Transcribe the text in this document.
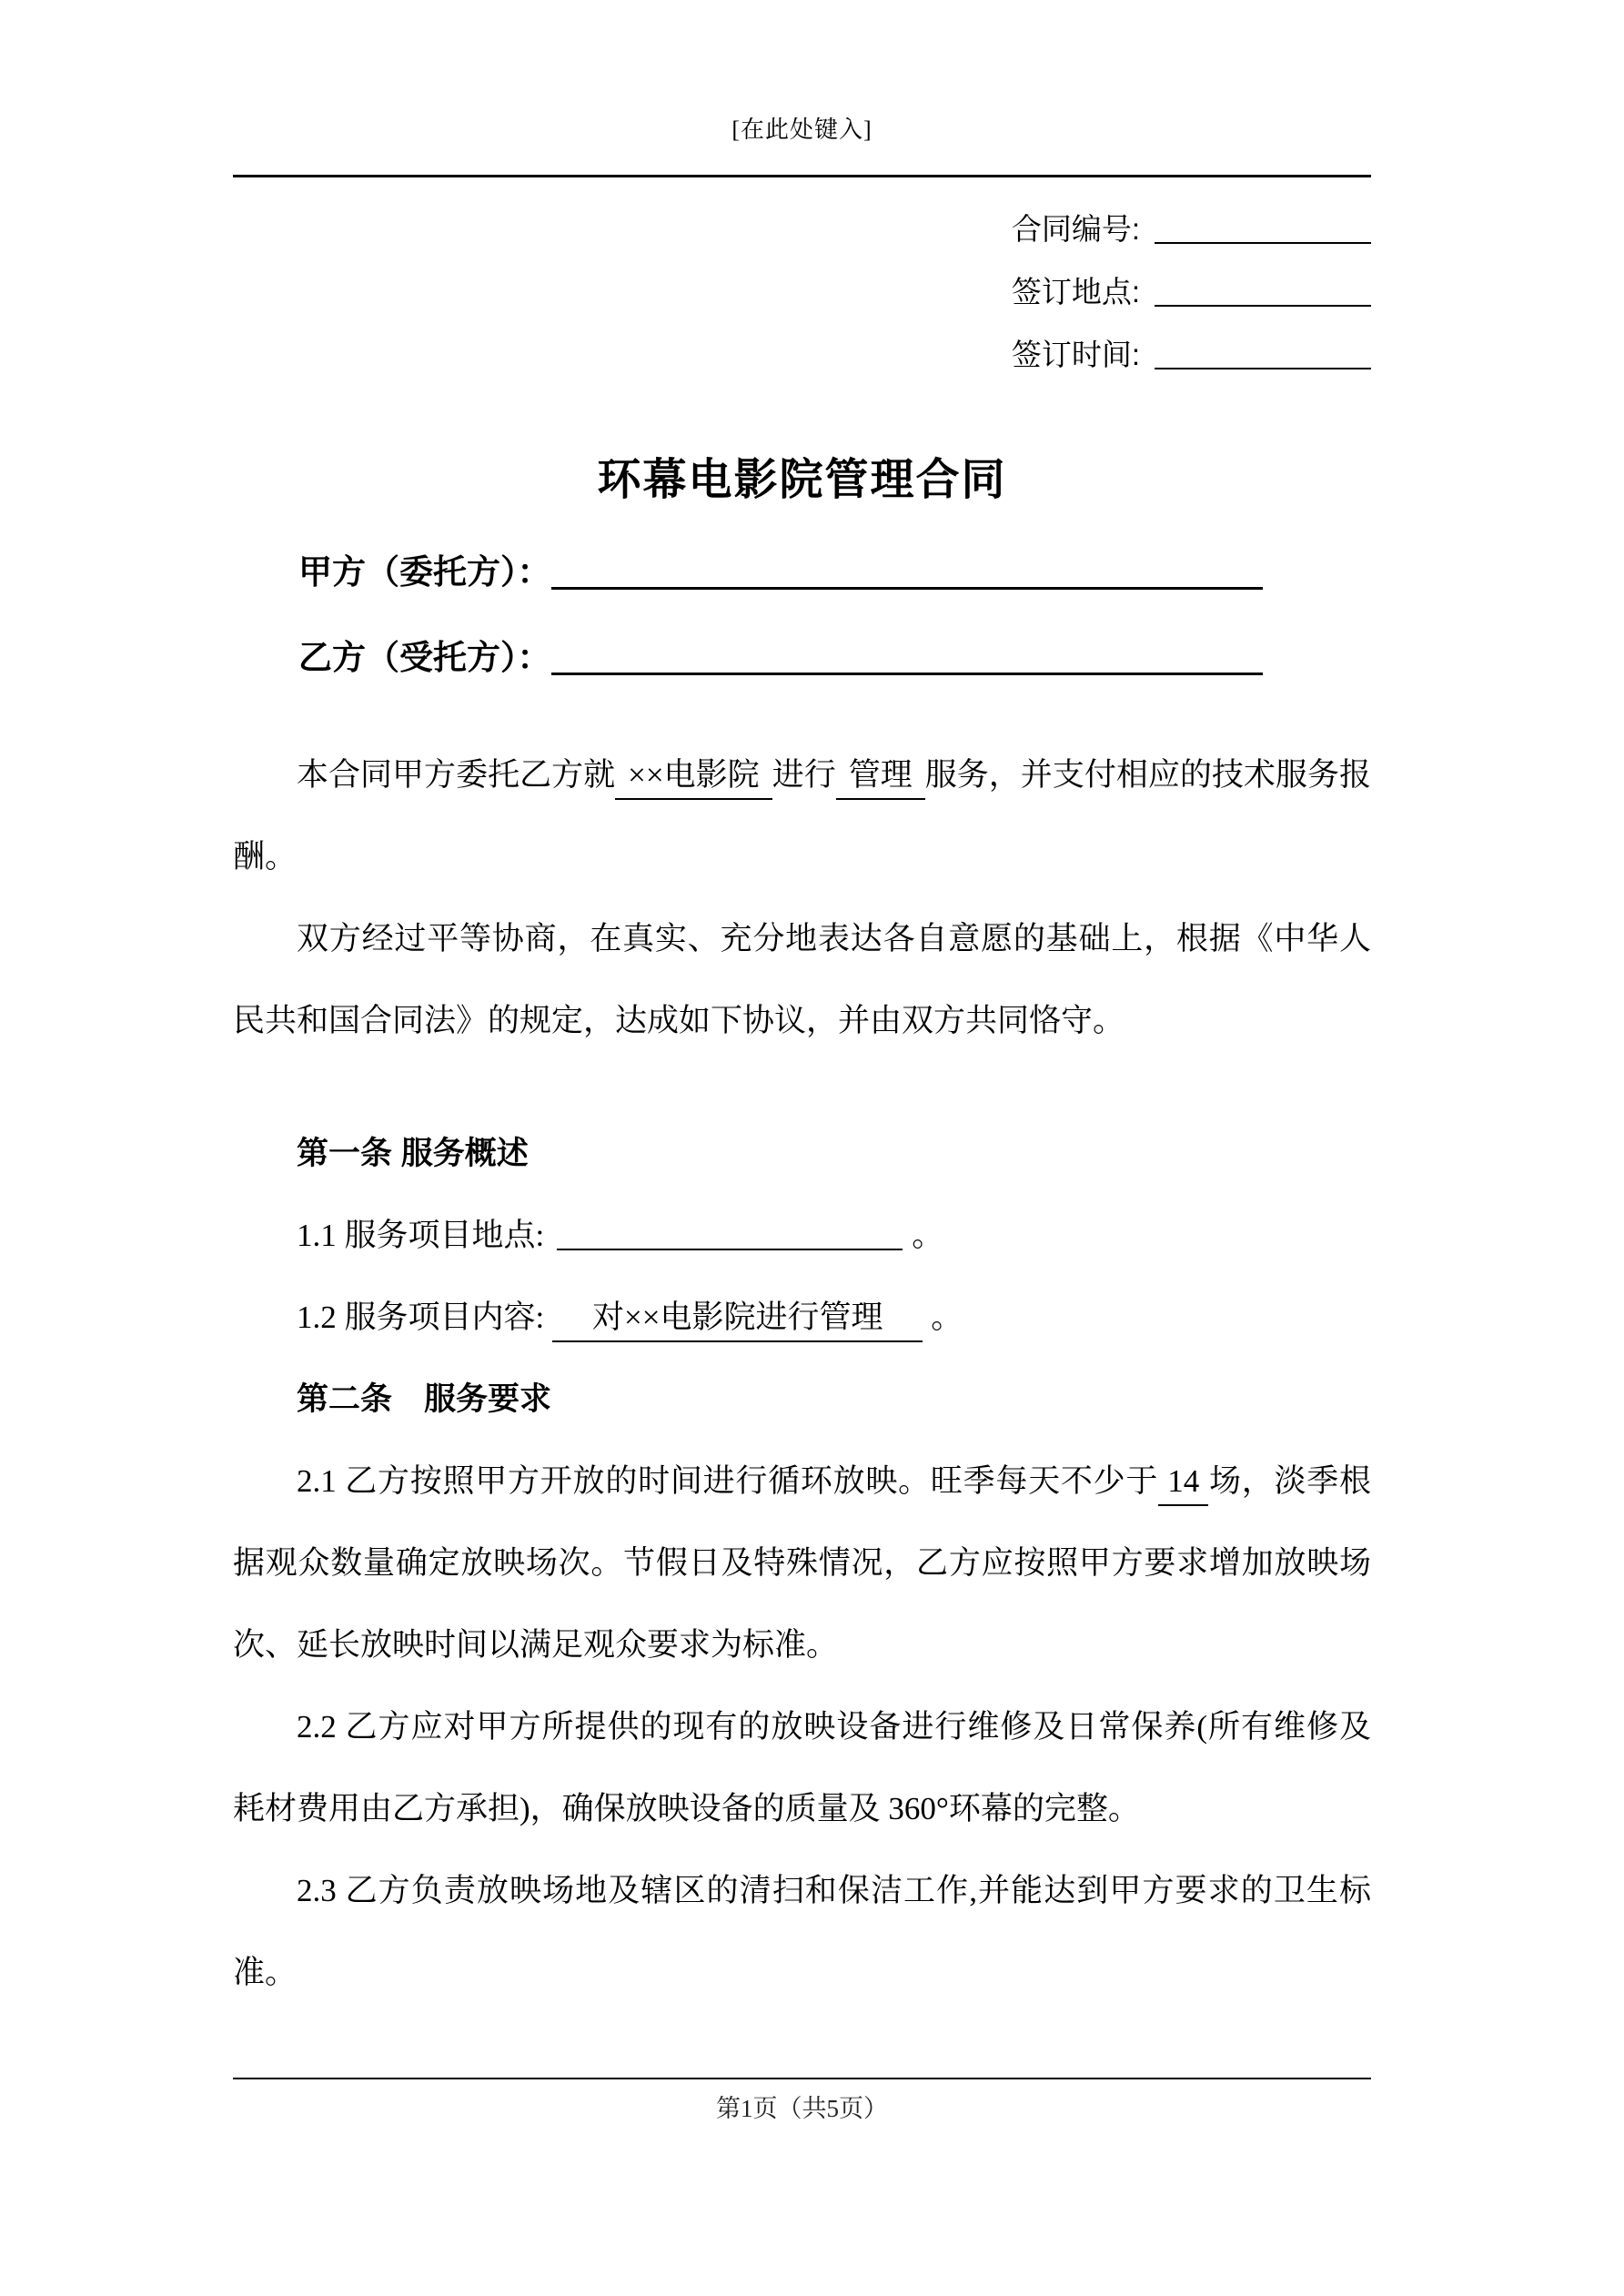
[在此处键入]
合同编号:
签订地点:
签订时间:
环幕电影院管理合同
甲方（委托方）：
乙方（受托方）：

本合同甲方委托乙方就 ××电影院 进行 管理 服务，并支付相应的技术服务报酬。

双方经过平等协商，在真实、充分地表达各自意愿的基础上，根据《中华人民共和国合同法》的规定，达成如下协议，并由双方共同恪守。

第一条 服务概述

1.1 服务项目地点:	。

1.2 服务项目内容: 对××电影院进行管理 。

第二条　服务要求

2.1 乙方按照甲方开放的时间进行循环放映。旺季每天不少于 14 场，淡季根据观众数量确定放映场次。节假日及特殊情况，乙方应按照甲方要求增加放映场次、延长放映时间以满足观众要求为标准。

2.2 乙方应对甲方所提供的现有的放映设备进行维修及日常保养(所有维修及耗材费用由乙方承担)，确保放映设备的质量及 360°环幕的完整。

2.3 乙方负责放映场地及辖区的清扫和保洁工作,并能达到甲方要求的卫生标准。

第1页（共5页）
